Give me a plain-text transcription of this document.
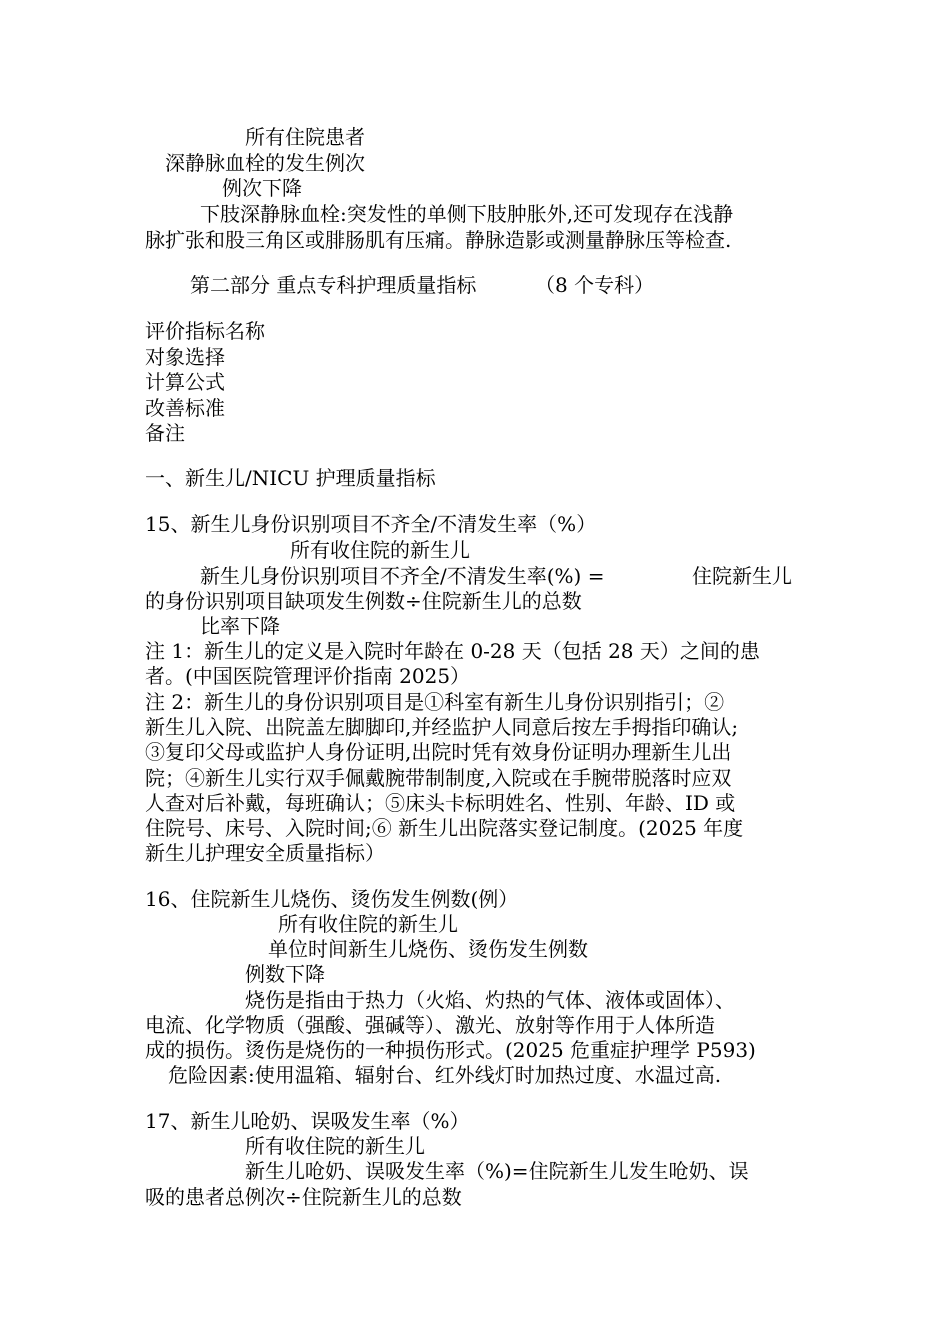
所有住院患者
深静脉血栓的发生例次
例次下降
下肢深静脉血栓:突发性的单侧下肢肿胀外,还可发现存在浅静
脉扩张和股三角区或腓肠肌有压痛。静脉造影或测量静脉压等检查.
第二部分 重点专科护理质量指标	（8 个专科）
评价指标名称
对象选择
计算公式
改善标准
备注
一、新生儿/NICU 护理质量指标
15、新生儿身份识别项目不齐全/不清发生率（%）
所有收住院的新生儿
新生儿身份识别项目不齐全/不清发生率(%) =	住院新生儿
的身份识别项目缺项发生例数÷住院新生儿的总数
比率下降
注 1：新生儿的定义是入院时年龄在 0-28 天（包括 28 天）之间的患
者。(中国医院管理评价指南 2025）
注 2：新生儿的身份识别项目是①科室有新生儿身份识别指引；②
新生儿入院、出院盖左脚脚印,并经监护人同意后按左手拇指印确认;
③复印父母或监护人身份证明,出院时凭有效身份证明办理新生儿出
院；④新生儿实行双手佩戴腕带制制度,入院或在手腕带脱落时应双
人查对后补戴，每班确认；⑤床头卡标明姓名、性别、年龄、ID 或
住院号、床号、入院时间;⑥ 新生儿出院落实登记制度。(2025 年度
新生儿护理安全质量指标）
16、住院新生儿烧伤、烫伤发生例数(例）
所有收住院的新生儿
单位时间新生儿烧伤、烫伤发生例数
例数下降
烧伤是指由于热力（火焰、灼热的气体、液体或固体）、
电流、化学物质（强酸、强碱等）、激光、放射等作用于人体所造
成的损伤。烫伤是烧伤的一种损伤形式。(2025 危重症护理学 P593)
危险因素:使用温箱、辐射台、红外线灯时加热过度、水温过高.
17、新生儿呛奶、误吸发生率（%）
所有收住院的新生儿
新生儿呛奶、误吸发生率（%)=住院新生儿发生呛奶、误
吸的患者总例次÷住院新生儿的总数
